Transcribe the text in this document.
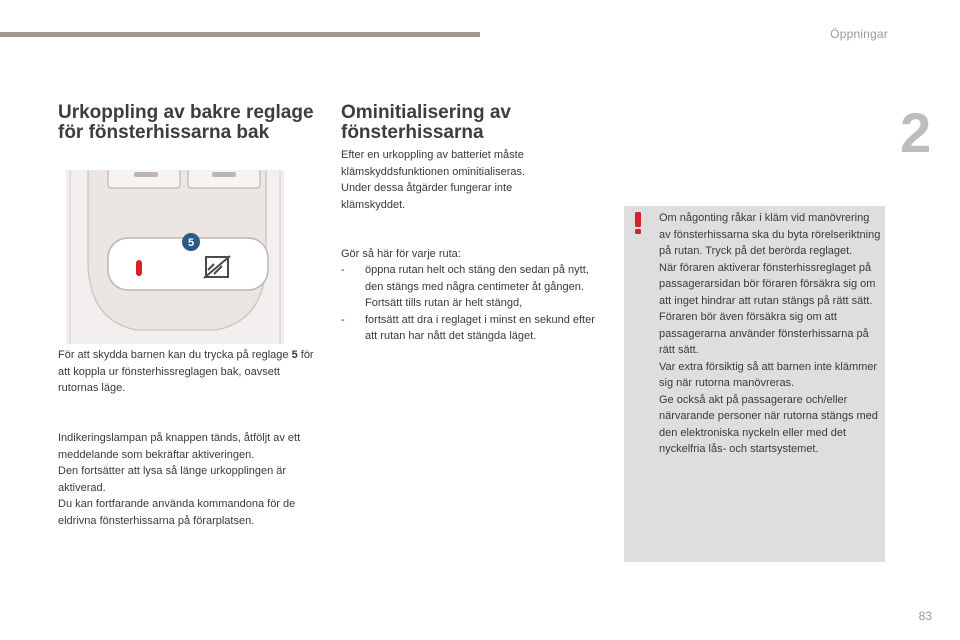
Öppningar
2
Urkoppling av bakre reglage för fönsterhissarna bak
5

För att skydda barnen kan du trycka på reglage 5 för att koppla ur fönsterhissreglagen bak, oavsett rutornas läge.

Indikeringslampan på knappen tänds, åtföljt av ett meddelande som bekräftar aktiveringen.
Den fortsätter att lysa så länge urkopplingen är aktiverad.
Du kan fortfarande använda kommandona för de eldrivna fönsterhissarna på förarplatsen.

Ominitialisering av fönsterhissarna

Efter en urkoppling av batteriet måste klämskyddsfunktionen ominitialiseras.
Under dessa åtgärder fungerar inte klämskyddet.

Gör så här för varje ruta:

- öppna rutan helt och stäng den sedan på nytt, den stängs med några centimeter åt gången. Fortsätt tills rutan är helt stängd,
- fortsätt att dra i reglaget i minst en sekund efter att rutan har nått det stängda läget.

Om någonting råkar i kläm vid manövrering av fönsterhissarna ska du byta rörelseriktning på rutan. Tryck på det berörda reglaget.
När föraren aktiverar fönsterhissreglaget på passagerarsidan bör föraren försäkra sig om att inget hindrar att rutan stängs på rätt sätt.
Föraren bör även försäkra sig om att passagerarna använder fönsterhissarna på rätt sätt.
Var extra försiktig så att barnen inte klämmer sig när rutorna manövreras.
Ge också akt på passagerare och/eller närvarande personer när rutorna stängs med den elektroniska nyckeln eller med det nyckelfria lås- och startsystemet.

83
